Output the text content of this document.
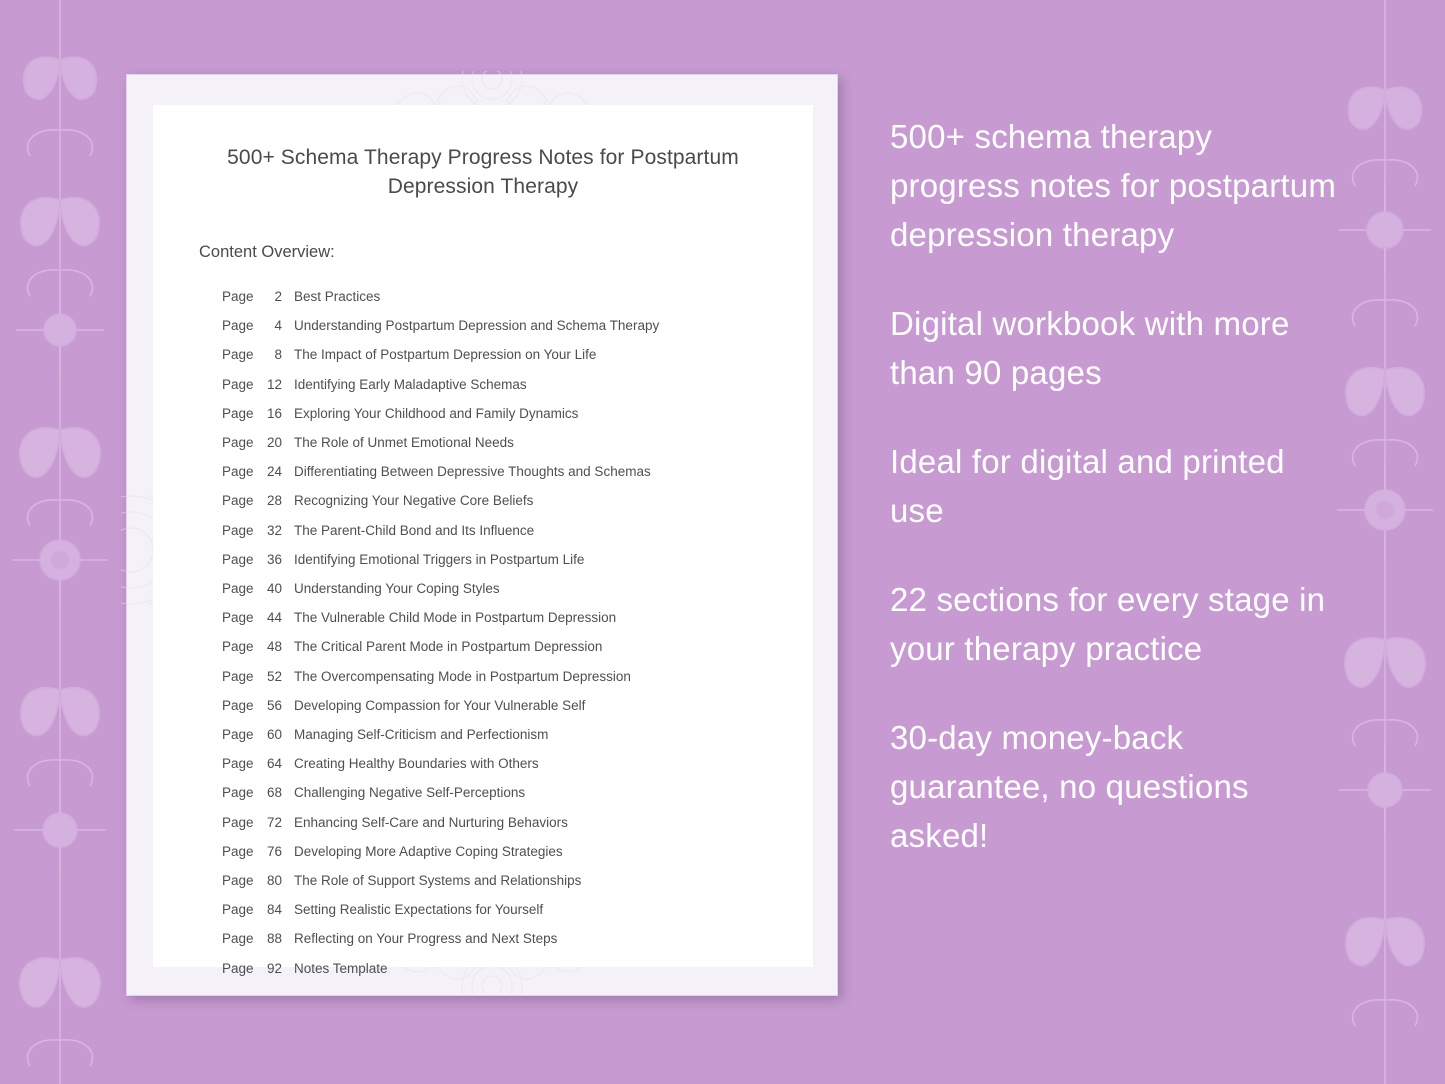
500+ Schema Therapy Progress Notes for Postpartum Depression Therapy
Content Overview:
Page	2 Best Practices
Page	4 Understanding Postpartum Depression and Schema Therapy
Page	8 The Impact of Postpartum Depression on Your Life
Page 12 Identifying Early Maladaptive Schemas
Page 16 Exploring Your Childhood and Family Dynamics
Page 20 The Role of Unmet Emotional Needs
Page 24 Differentiating Between Depressive Thoughts and Schemas
Page 28 Recognizing Your Negative Core Beliefs
Page 32 The Parent-Child Bond and Its Influence
Page 36 Identifying Emotional Triggers in Postpartum Life
Page 40 Understanding Your Coping Styles
Page 44 The Vulnerable Child Mode in Postpartum Depression
Page 48 The Critical Parent Mode in Postpartum Depression
Page 52 The Overcompensating Mode in Postpartum Depression
Page 56 Developing Compassion for Your Vulnerable Self
Page 60 Managing Self-Criticism and Perfectionism
Page 64 Creating Healthy Boundaries with Others
Page 68 Challenging Negative Self-Perceptions
Page 72 Enhancing Self-Care and Nurturing Behaviors
Page 76 Developing More Adaptive Coping Strategies
Page 80 The Role of Support Systems and Relationships
Page 84 Setting Realistic Expectations for Yourself
Page 88 Reflecting on Your Progress and Next Steps
Page 92 Notes Template

500+ schema therapy progress notes for postpartum depression therapy

Digital workbook with more than 90 pages

Ideal for digital and printed use

22 sections for every stage in your therapy practice

30-day money-back guarantee, no questions asked!
